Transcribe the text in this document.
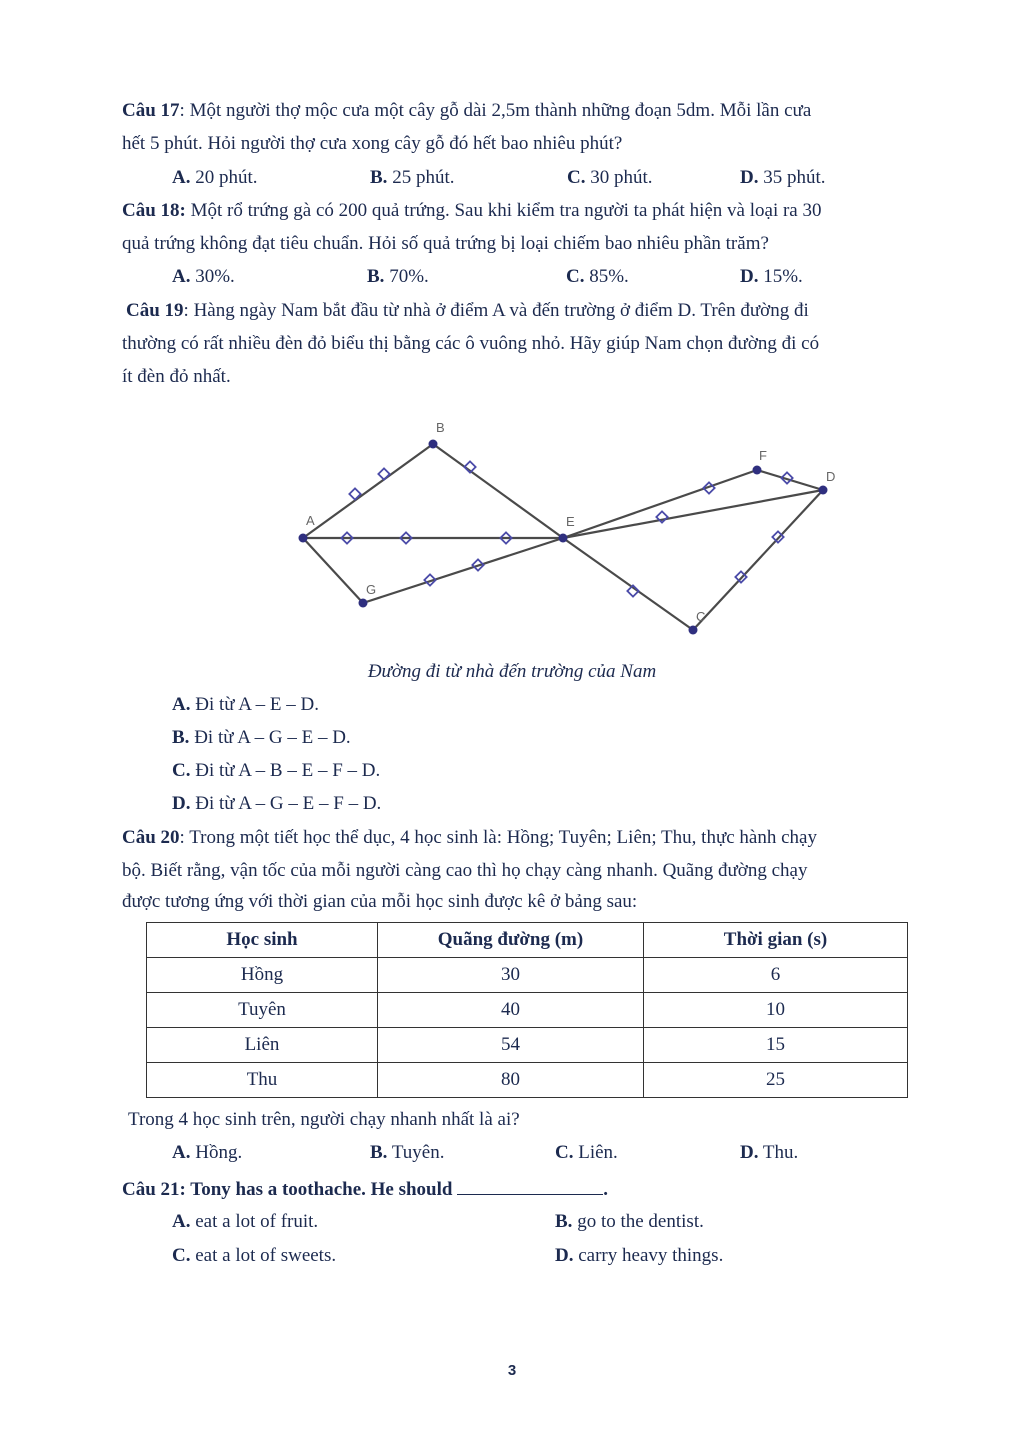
Câu 17: Một người thợ mộc cưa một cây gỗ dài 2,5m thành những đoạn 5dm. Mỗi lần cưa
hết 5 phút. Hỏi người thợ cưa xong cây gỗ đó hết bao nhiêu phút?
A. 20 phút.	B. 25 phút.	C. 30 phút.	D. 35 phút.
Câu 18: Một rổ trứng gà có 200 quả trứng. Sau khi kiểm tra người ta phát hiện và loại ra 30
quả trứng không đạt tiêu chuẩn. Hỏi số quả trứng bị loại chiếm bao nhiêu phần trăm?
A. 30%.	B. 70%.	C. 85%.	D. 15%.
Câu 19: Hàng ngày Nam bắt đầu từ nhà ở điểm A và đến trường ở điểm D. Trên đường đi
thường có rất nhiều đèn đỏ biểu thị bằng các ô vuông nhỏ. Hãy giúp Nam chọn đường đi có
ít đèn đỏ nhất.
A
B
C
D
E
F
G
Đường đi từ nhà đến trường của Nam
A. Đi từ A – E – D.
B. Đi từ A – G – E – D.
C. Đi từ A – B – E – F – D.
D. Đi từ A – G – E – F – D.
Câu 20: Trong một tiết học thể dục, 4 học sinh là: Hồng; Tuyên; Liên; Thu, thực hành chạy
bộ. Biết rằng, vận tốc của mỗi người càng cao thì họ chạy càng nhanh. Quãng đường chạy
được tương ứng với thời gian của mỗi học sinh được kê ở bảng sau:
Học sinh	Quãng đường (m)	Thời gian (s)
Hồng	30	6
Tuyên	40	10
Liên	54	15
Thu	80	25
Trong 4 học sinh trên, người chạy nhanh nhất là ai?
A. Hồng.	B. Tuyên.	C. Liên.	D. Thu.
Câu 21: Tony has a toothache. He should	.
A. eat a lot of fruit.	B. go to the dentist.
C. eat a lot of sweets.	D. carry heavy things.
3
